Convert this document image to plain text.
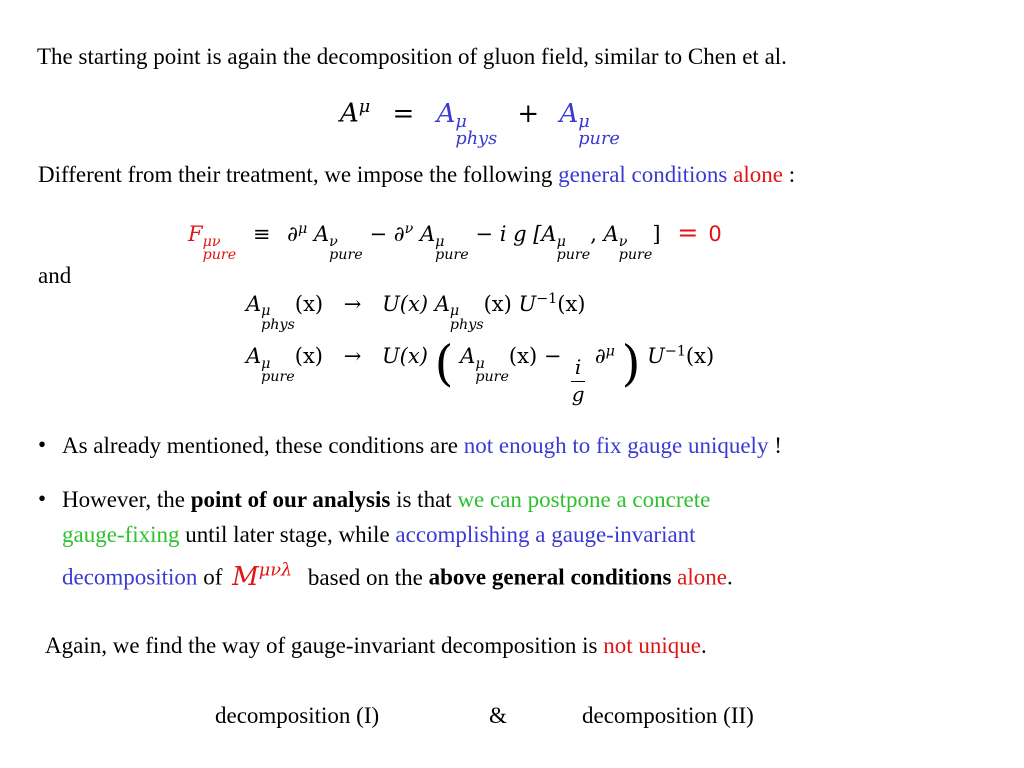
The starting point is again the decomposition of gluon field, similar to Chen et al.
$A^\mu = A$ μ
phys
+ A μ
pure
Different from their treatment, we impose the following general conditions alone :
F μν
pure
≡ ∂$^\mu$ A ν
pure
− ∂$^\nu$ A μ
pure
− i g [A μ
pure
, A ν
pure
] = 0
and
A μ
phys
(x) → U(x) A μ
phys
(x) $U^{-1}(x)$
A μ
pure
(x) → U(x) ( A μ
pure
(x) −
$\frac{i}{g}$
∂$^\mu$ ) $U^{-1}(x)$
• As already mentioned, these conditions are not enough to fix gauge uniquely !
• However, the point of our analysis is that we can postpone a concrete
gauge-fixing until later stage, while accomplishing a gauge-invariant
decomposition of $M^{\mu\nu\lambda}$ based on the above general conditions alone.
Again, we find the way of gauge-invariant decomposition is not unique.
decomposition (I)	&	decomposition (II)
